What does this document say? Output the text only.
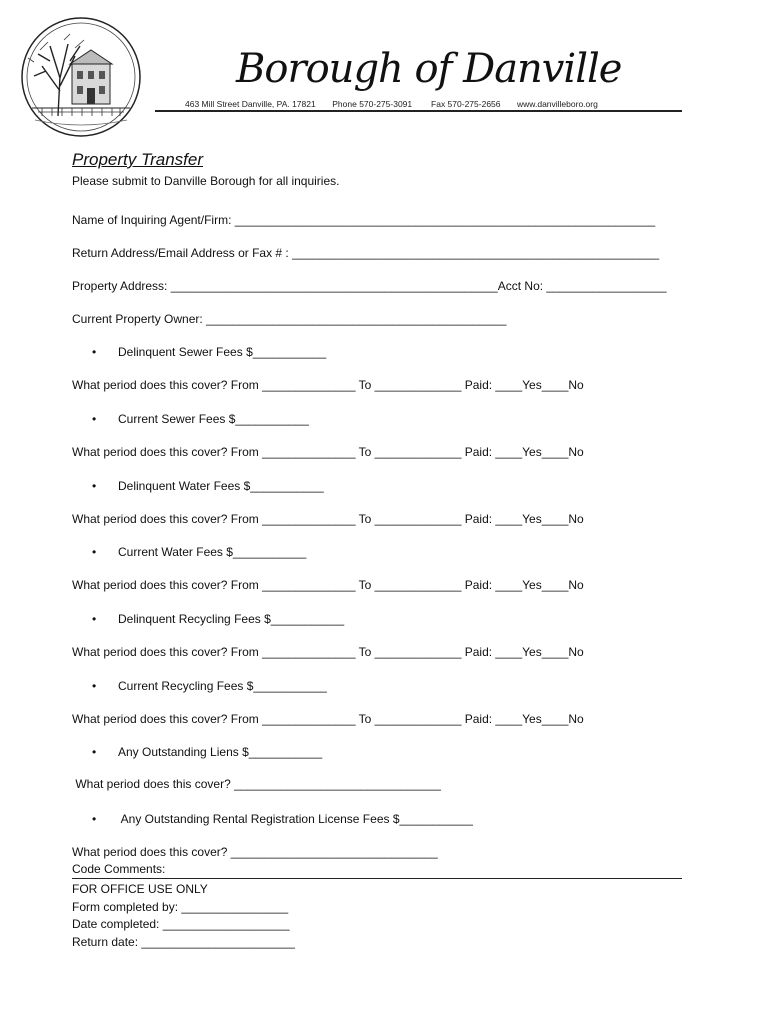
Borough of Danville
463 Mill Street Danville, PA. 17821 Phone 570-275-3091 Fax 570-275-2656 www.danvilleboro.org
Property Transfer
Please submit to Danville Borough for all inquiries.
Name of Inquiring Agent/Firm: _______________________________________________________________
Return Address/Email Address or Fax # : _______________________________________________________
Property Address: _________________________________________________Acct No: __________________
Current Property Owner: _____________________________________________
• Delinquent Sewer Fees $___________
What period does this cover? From ______________ To _____________ Paid: ____Yes____No
• Current Sewer Fees $___________
What period does this cover? From ______________ To _____________ Paid: ____Yes____No
• Delinquent Water Fees $___________
What period does this cover? From ______________ To _____________ Paid: ____Yes____No
• Current Water Fees $___________
What period does this cover? From ______________ To _____________ Paid: ____Yes____No
• Delinquent Recycling Fees $___________
What period does this cover? From ______________ To _____________ Paid: ____Yes____No
• Current Recycling Fees $___________
What period does this cover? From ______________ To _____________ Paid: ____Yes____No
• Any Outstanding Liens $___________
What period does this cover? _______________________________
• Any Outstanding Rental Registration License Fees $___________
What period does this cover? _______________________________
Code Comments:
FOR OFFICE USE ONLY
Form completed by: ________________
Date completed: ___________________
Return date: _______________________
